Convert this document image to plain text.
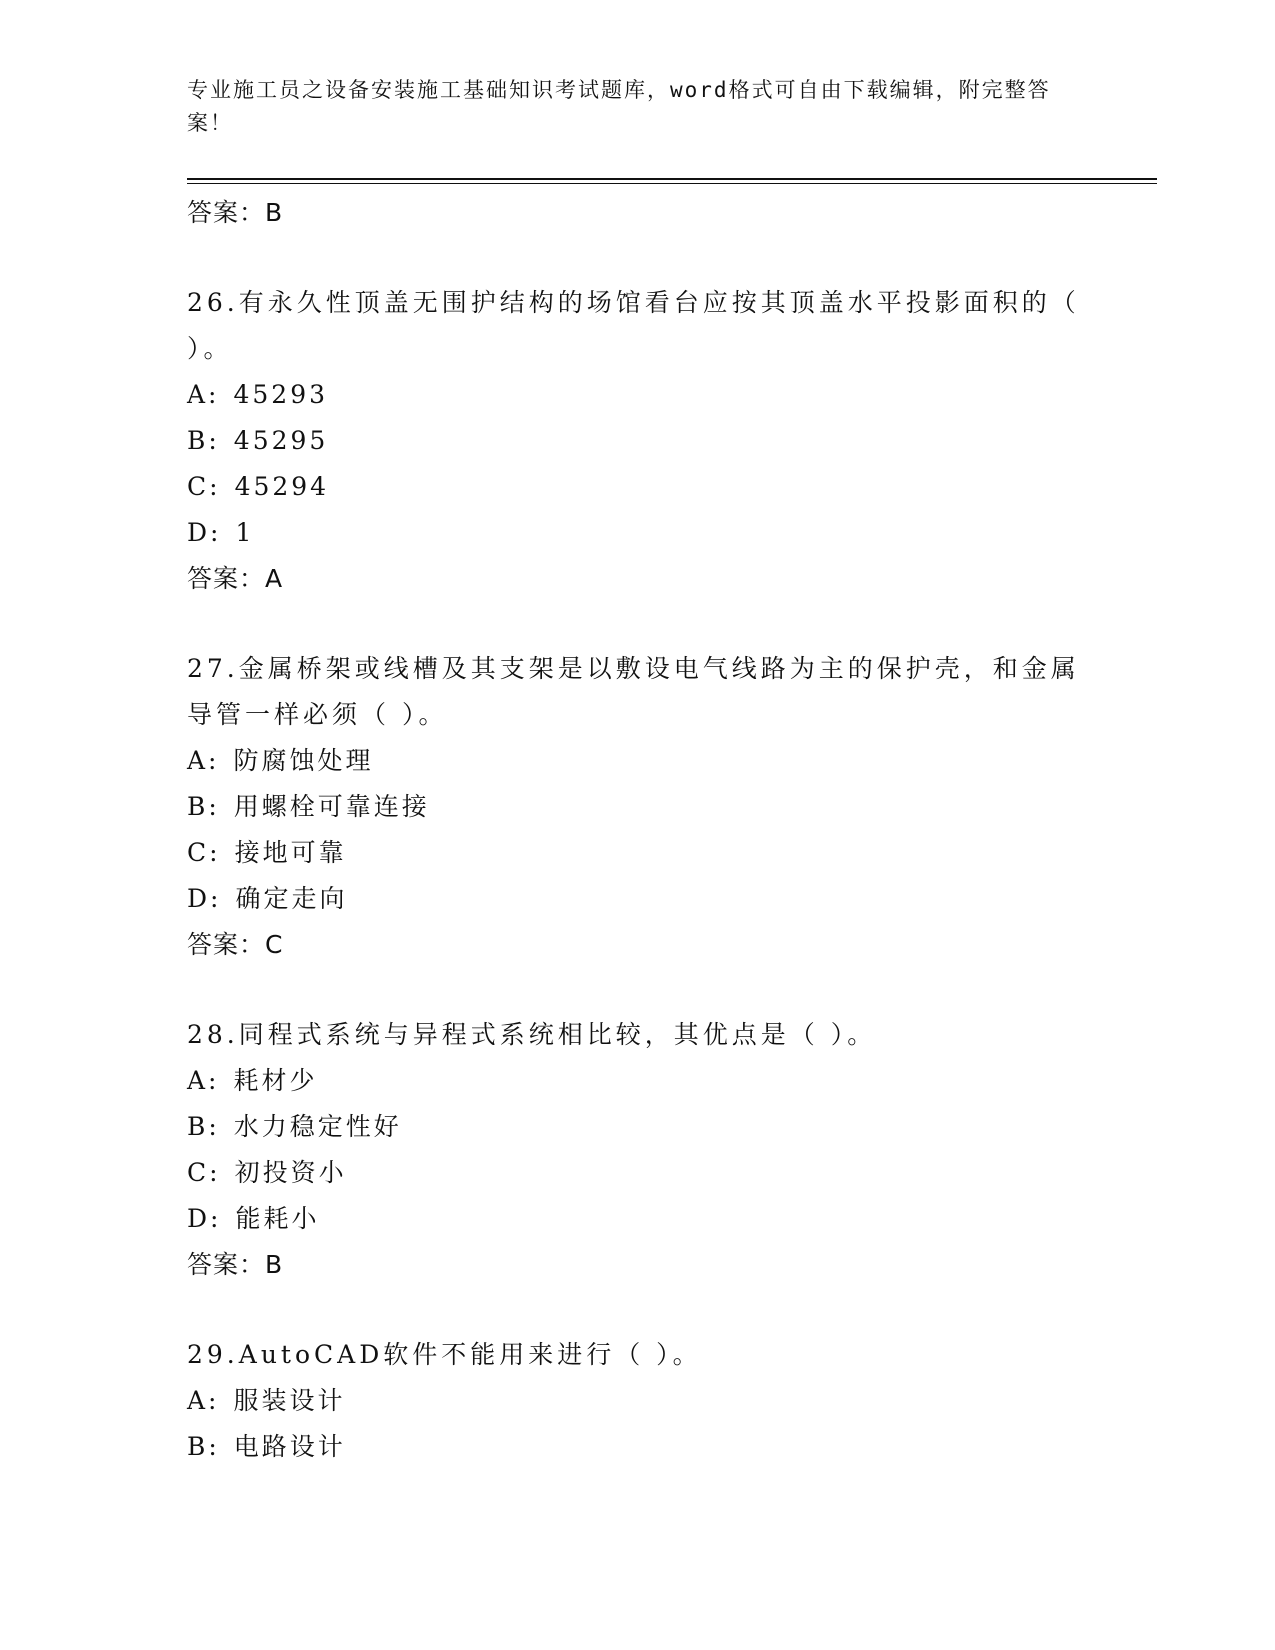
专业施工员之设备安装施工基础知识考试题库，word格式可自由下载编辑，附完整答案！
答案：B
26.有永久性顶盖无围护结构的场馆看台应按其顶盖水平投影面积的（ ）。
A: 45293
B: 45295
C: 45294
D: 1
答案：A
27.金属桥架或线槽及其支架是以敷设电气线路为主的保护壳，和金属导管一样必须（ ）。
A: 防腐蚀处理
B: 用螺栓可靠连接
C: 接地可靠
D: 确定走向
答案：C
28.同程式系统与异程式系统相比较，其优点是（ ）。
A: 耗材少
B: 水力稳定性好
C: 初投资小
D: 能耗小
答案：B
29.AutoCAD软件不能用来进行（ ）。
A: 服装设计
B: 电路设计
